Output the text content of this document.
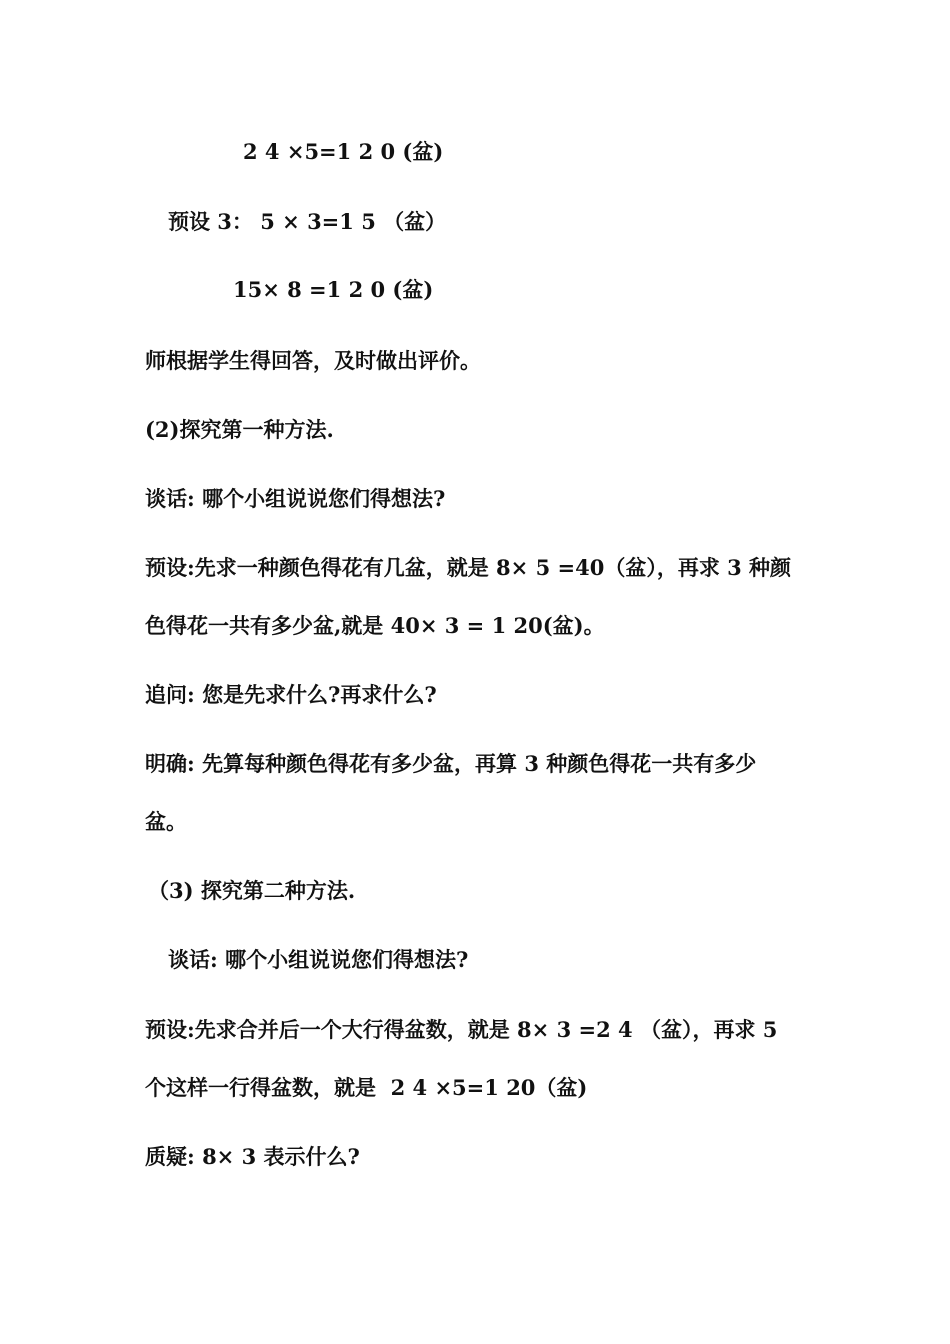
2 4 ×5=1 2 0 (盆)
预设 3： 5 × 3=1 5 （盆）
15× 8 =1 2 0 (盆)
师根据学生得回答，及时做出评价。
(2)探究第一种方法.
谈话: 哪个小组说说您们得想法?
预设:先求一种颜色得花有几盆，就是 8× 5 =40（盆），再求 3 种颜
色得花一共有多少盆,就是 40× 3 = 1 20(盆)。
追问: 您是先求什么?再求什么?
明确: 先算每种颜色得花有多少盆，再算 3 种颜色得花一共有多少
盆。
（3) 探究第二种方法.
谈话: 哪个小组说说您们得想法?
预设:先求合并后一个大行得盆数，就是 8× 3 =2 4 （盆），再求 5
个这样一行得盆数，就是  2 4 ×5=1 20（盆)
质疑: 8× 3 表示什么?
